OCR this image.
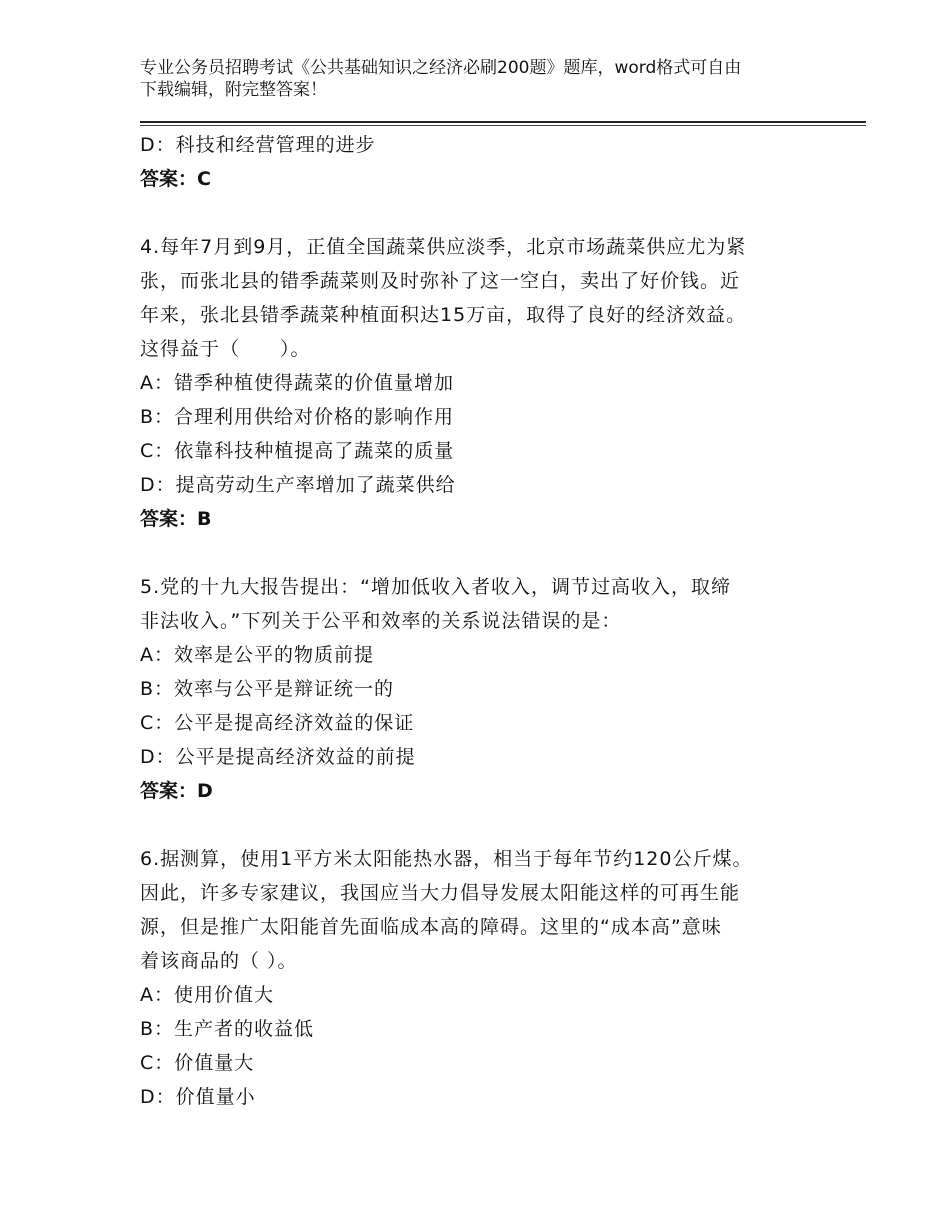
专业公务员招聘考试《公共基础知识之经济必刷200题》题库，word格式可自由
下载编辑，附完整答案！
D：科技和经营管理的进步
答案：C
4.每年7月到9月，正值全国蔬菜供应淡季，北京市场蔬菜供应尤为紧
张，而张北县的错季蔬菜则及时弥补了这一空白，卖出了好价钱。近
年来，张北县错季蔬菜种植面积达15万亩，取得了良好的经济效益。
这得益于（　　）。
A：错季种植使得蔬菜的价值量增加
B：合理利用供给对价格的影响作用
C：依靠科技种植提高了蔬菜的质量
D：提高劳动生产率增加了蔬菜供给
答案：B
5.党的十九大报告提出：“增加低收入者收入，调节过高收入，取缔
非法收入。”下列关于公平和效率的关系说法错误的是：
A：效率是公平的物质前提
B：效率与公平是辩证统一的
C：公平是提高经济效益的保证
D：公平是提高经济效益的前提
答案：D
6.据测算，使用1平方米太阳能热水器，相当于每年节约120公斤煤。
因此，许多专家建议，我国应当大力倡导发展太阳能这样的可再生能
源，但是推广太阳能首先面临成本高的障碍。这里的“成本高”意味
着该商品的（ ）。
A：使用价值大
B：生产者的收益低
C：价值量大
D：价值量小
